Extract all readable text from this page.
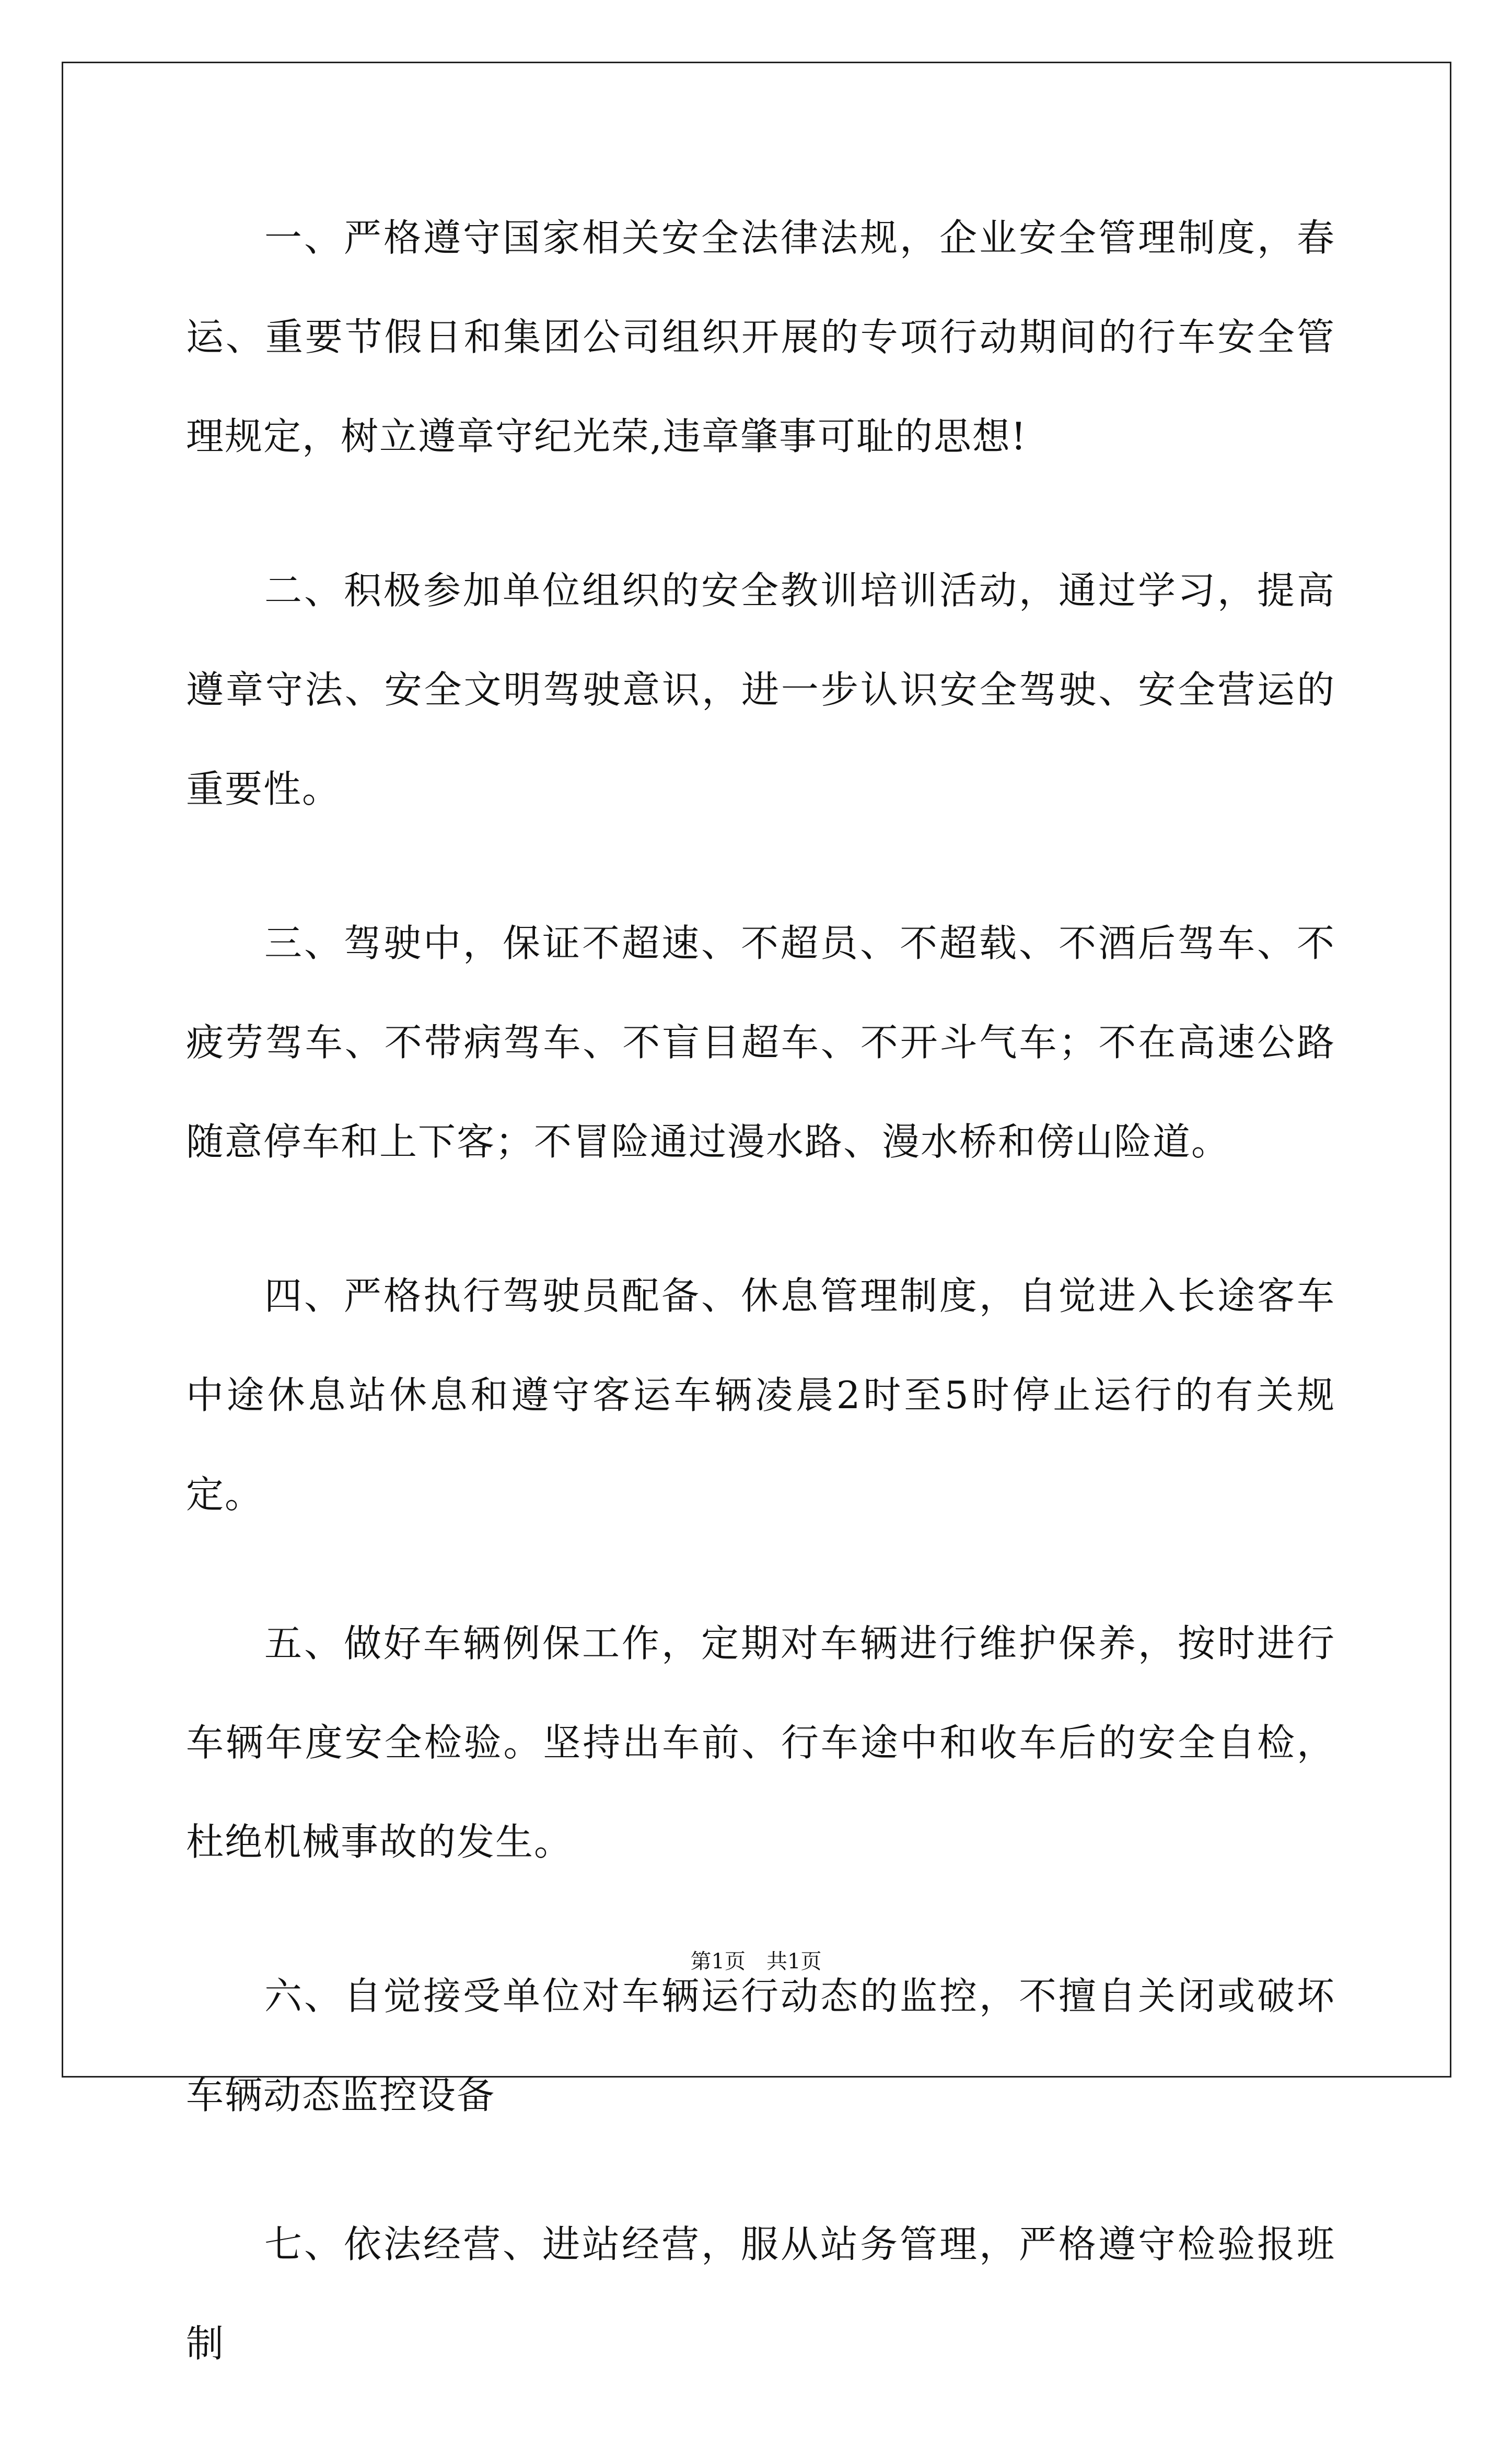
一、严格遵守国家相关安全法律法规，企业安全管理制度，春运、重要节假日和集团公司组织开展的专项行动期间的行车安全管理规定，树立遵章守纪光荣,违章肇事可耻的思想!

二、积极参加单位组织的安全教训培训活动，通过学习，提高遵章守法、安全文明驾驶意识，进一步认识安全驾驶、安全营运的重要性。

三、驾驶中，保证不超速、不超员、不超载、不酒后驾车、不疲劳驾车、不带病驾车、不盲目超车、不开斗气车；不在高速公路随意停车和上下客；不冒险通过漫水路、漫水桥和傍山险道。

四、严格执行驾驶员配备、休息管理制度，自觉进入长途客车中途休息站休息和遵守客运车辆凌晨2时至5时停止运行的有关规定。

五、做好车辆例保工作，定期对车辆进行维护保养，按时进行车辆年度安全检验。坚持出车前、行车途中和收车后的安全自检，杜绝机械事故的发生。

六、自觉接受单位对车辆运行动态的监控，不擅自关闭或破坏车辆动态监控设备

七、依法经营、进站经营，服从站务管理，严格遵守检验报班制

第1页　共1页
